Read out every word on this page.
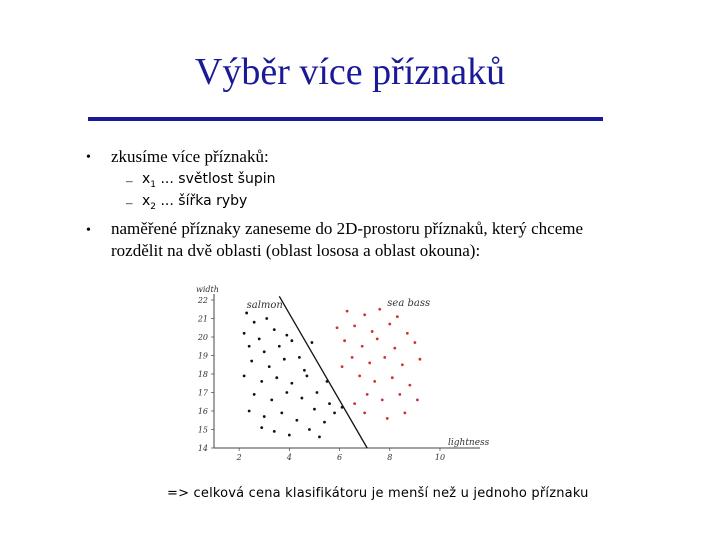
Výběr více příznaků
• zkusíme více příznaků:
– $x_1$ ... světlost šupin
– $x_2$ ... šířka ryby
• naměřené příznaky zaneseme do 2D-prostoru příznaků, který chceme
rozdělit na dvě oblasti (oblast lososa a oblast okouna):
22
21
20
19
18
17
16
15
14
2	4	6	8	10
width
lightness
salmon	sea bass
=> celková cena klasifikátoru je menší než u jednoho příznaku
